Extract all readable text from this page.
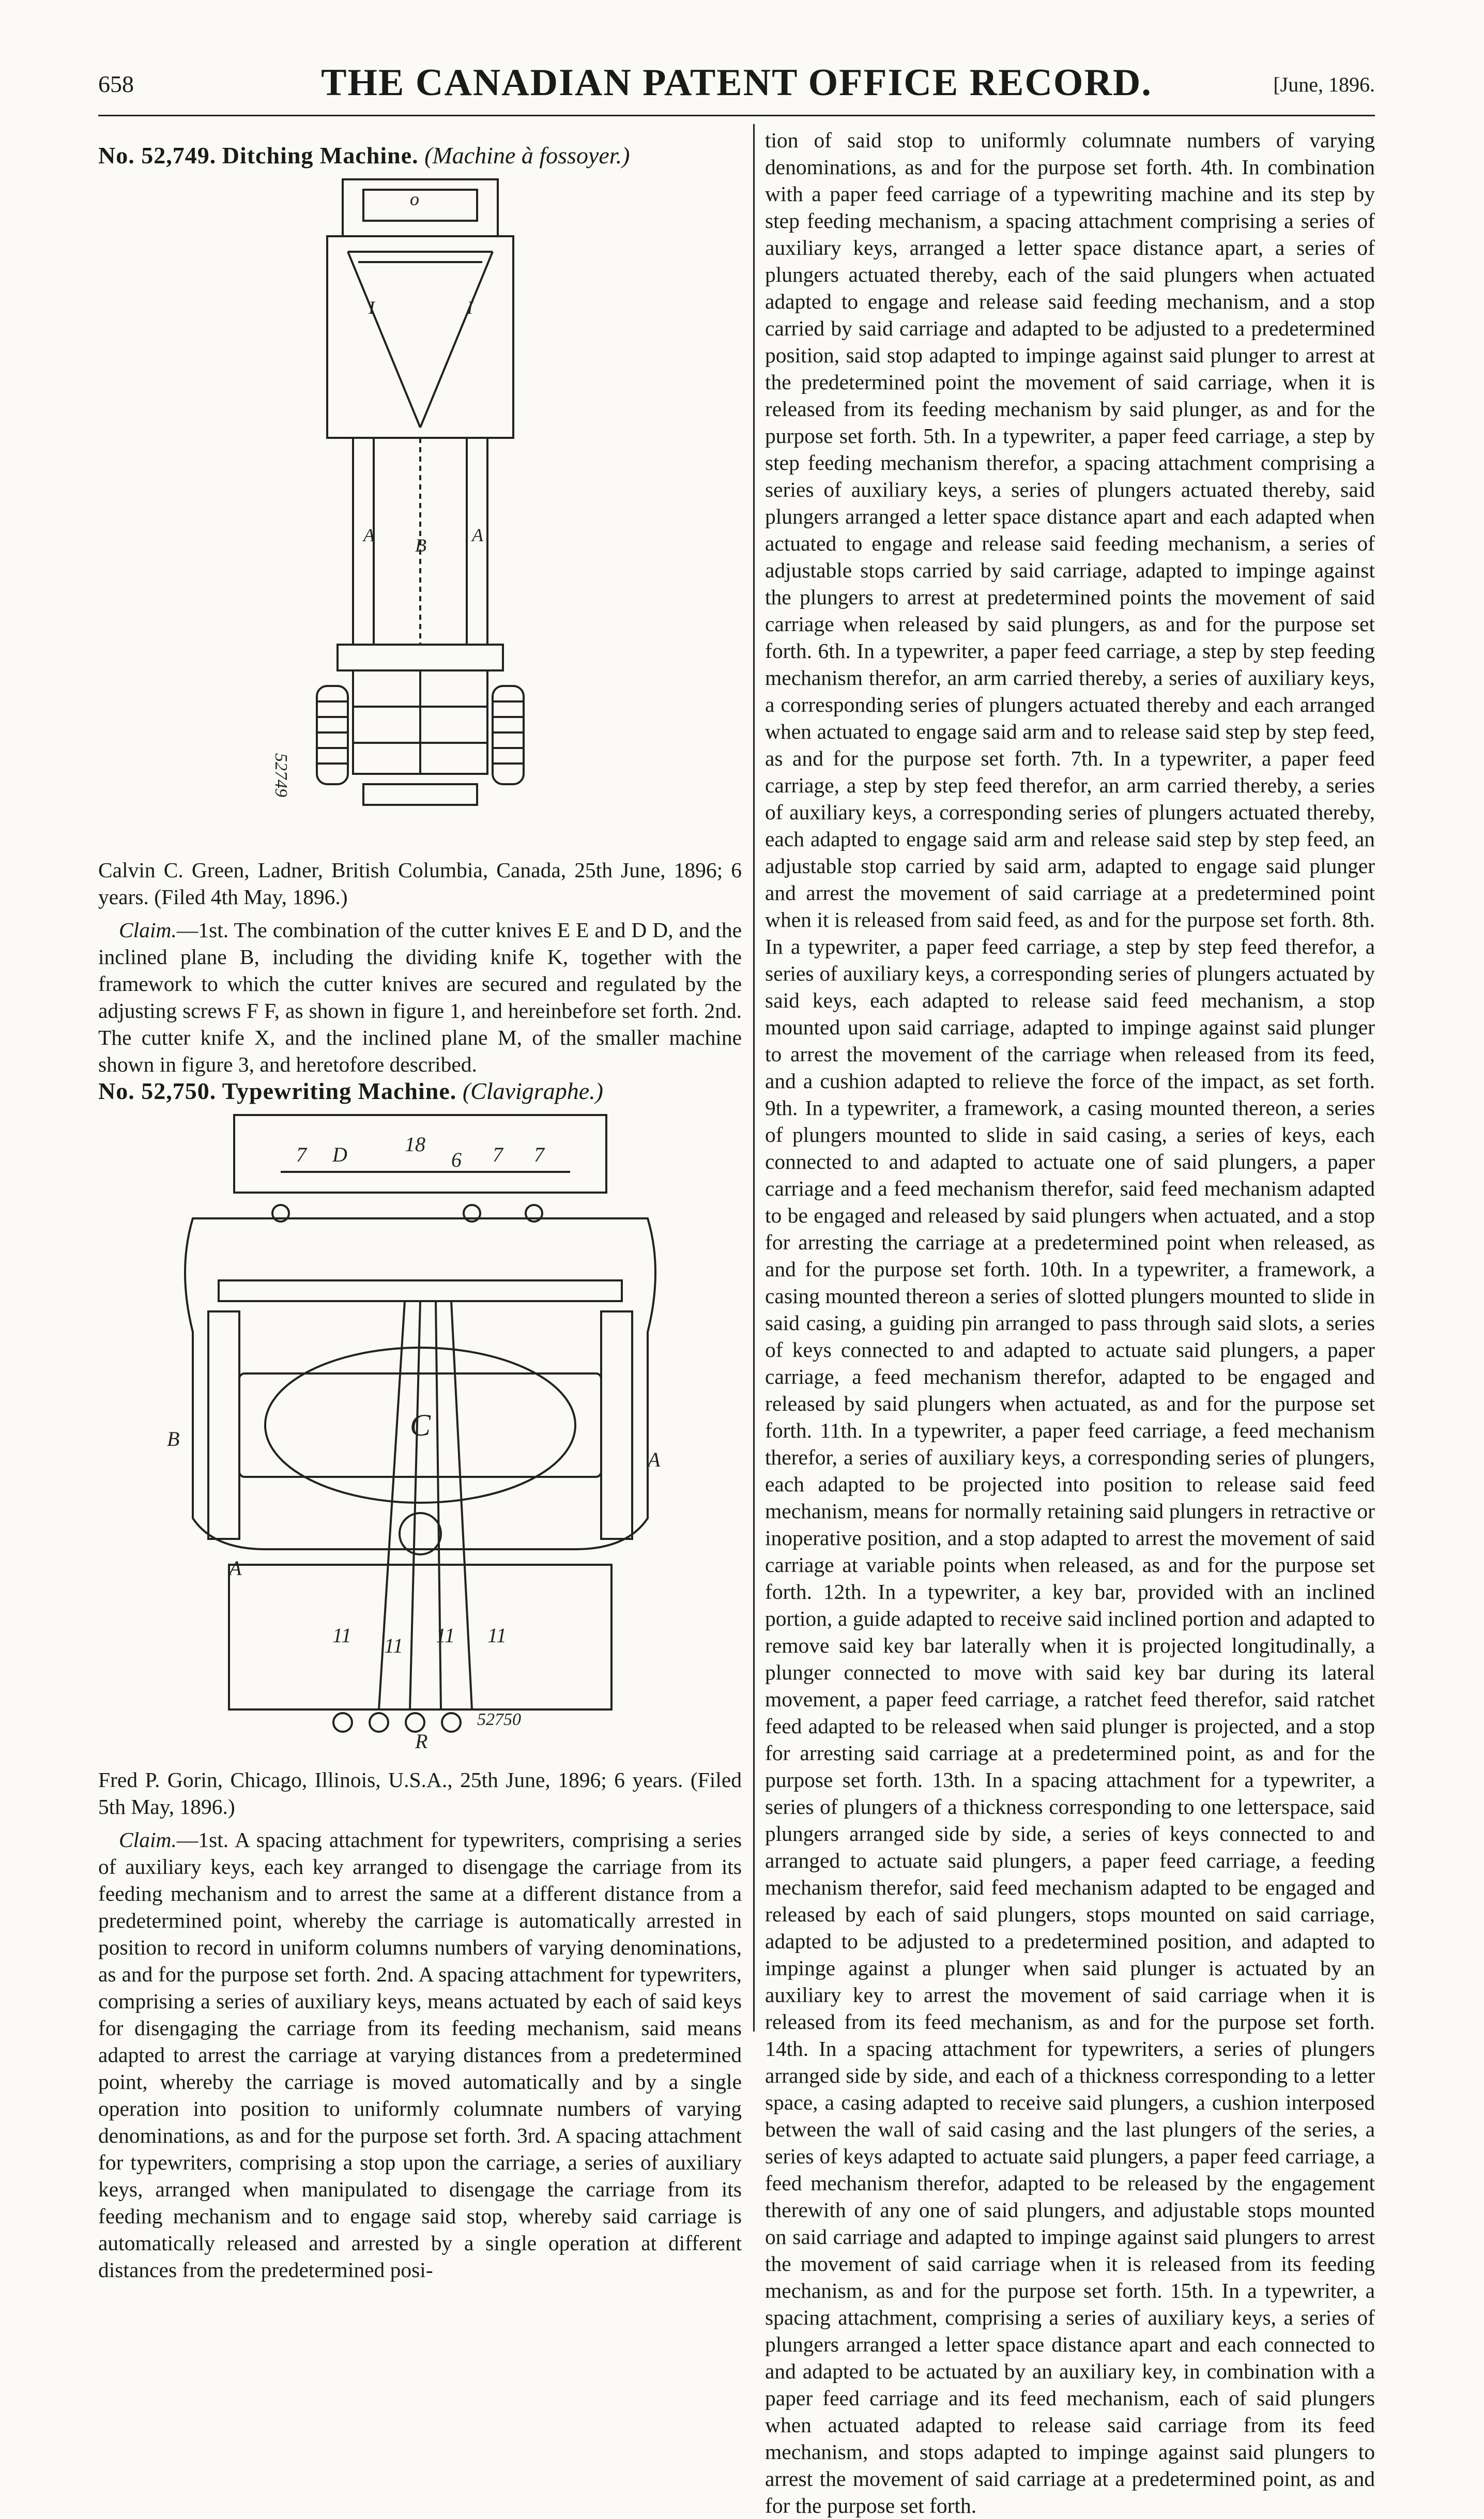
658	THE CANADIAN PATENT OFFICE RECORD.	[June, 1896.

No. 52,749. Ditching Machine. (Machine à fossoyer.)

o
I	I
B
A	A
52749

Calvin C. Green, Ladner, British Columbia, Canada, 25th June, 1896; 6 years. (Filed 4th May, 1896.)

Claim.—1st. The combination of the cutter knives E E and D D, and the inclined plane B, including the dividing knife K, together with the framework to which the cutter knives are secured and regulated by the adjusting screws F F, as shown in figure 1, and hereinbefore set forth. 2nd. The cutter knife X, and the inclined plane M, of the smaller machine shown in figure 3, and heretofore described.

No. 52,750. Typewriting Machine. (Clavigraphe.)

7 D	18
6 7 7
C
B
A
A
11 11 11 11
R
52750

Fred P. Gorin, Chicago, Illinois, U.S.A., 25th June, 1896; 6 years. (Filed 5th May, 1896.)

Claim.—1st. A spacing attachment for typewriters, comprising a series of auxiliary keys, each key arranged to disengage the carriage from its feeding mechanism and to arrest the same at a different distance from a predetermined point, whereby the carriage is automatically arrested in position to record in uniform columns numbers of varying denominations, as and for the purpose set forth. 2nd. A spacing attachment for typewriters, comprising a series of auxiliary keys, means actuated by each of said keys for disengaging the carriage from its feeding mechanism, said means adapted to arrest the carriage at varying distances from a predetermined point, whereby the carriage is moved automatically and by a single operation into position to uniformly columnate numbers of varying denominations, as and for the purpose set forth. 3rd. A spacing attachment for typewriters, comprising a stop upon the carriage, a series of auxiliary keys, arranged when manipulated to disengage the carriage from its feeding mechanism and to engage said stop, whereby said carriage is automatically released and arrested by a single operation at different distances from the predetermined posi-

tion of said stop to uniformly columnate numbers of varying denominations, as and for the purpose set forth. 4th. In combination with a paper feed carriage of a typewriting machine and its step by step feeding mechanism, a spacing attachment comprising a series of auxiliary keys, arranged a letter space distance apart, a series of plungers actuated thereby, each of the said plungers when actuated adapted to engage and release said feeding mechanism, and a stop carried by said carriage and adapted to be adjusted to a predetermined position, said stop adapted to impinge against said plunger to arrest at the predetermined point the movement of said carriage, when it is released from its feeding mechanism by said plunger, as and for the purpose set forth. 5th. In a typewriter, a paper feed carriage, a step by step feeding mechanism therefor, a spacing attachment comprising a series of auxiliary keys, a series of plungers actuated thereby, said plungers arranged a letter space distance apart and each adapted when actuated to engage and release said feeding mechanism, a series of adjustable stops carried by said carriage, adapted to impinge against the plungers to arrest at predetermined points the movement of said carriage when released by said plungers, as and for the purpose set forth. 6th. In a typewriter, a paper feed carriage, a step by step feeding mechanism therefor, an arm carried thereby, a series of auxiliary keys, a corresponding series of plungers actuated thereby and each arranged when actuated to engage said arm and to release said step by step feed, as and for the purpose set forth. 7th. In a typewriter, a paper feed carriage, a step by step feed therefor, an arm carried thereby, a series of auxiliary keys, a corresponding series of plungers actuated thereby, each adapted to engage said arm and release said step by step feed, an adjustable stop carried by said arm, adapted to engage said plunger and arrest the movement of said carriage at a predetermined point when it is released from said feed, as and for the purpose set forth. 8th. In a typewriter, a paper feed carriage, a step by step feed therefor, a series of auxiliary keys, a corresponding series of plungers actuated by said keys, each adapted to release said feed mechanism, a stop mounted upon said carriage, adapted to impinge against said plunger to arrest the movement of the carriage when released from its feed, and a cushion adapted to relieve the force of the impact, as set forth. 9th. In a typewriter, a framework, a casing mounted thereon, a series of plungers mounted to slide in said casing, a series of keys, each connected to and adapted to actuate one of said plungers, a paper carriage and a feed mechanism therefor, said feed mechanism adapted to be engaged and released by said plungers when actuated, and a stop for arresting the carriage at a predetermined point when released, as and for the purpose set forth. 10th. In a typewriter, a framework, a casing mounted thereon a series of slotted plungers mounted to slide in said casing, a guiding pin arranged to pass through said slots, a series of keys connected to and adapted to actuate said plungers, a paper carriage, a feed mechanism therefor, adapted to be engaged and released by said plungers when actuated, as and for the purpose set forth. 11th. In a typewriter, a paper feed carriage, a feed mechanism therefor, a series of auxiliary keys, a corresponding series of plungers, each adapted to be projected into position to release said feed mechanism, means for normally retaining said plungers in retractive or inoperative position, and a stop adapted to arrest the movement of said carriage at variable points when released, as and for the purpose set forth. 12th. In a typewriter, a key bar, provided with an inclined portion, a guide adapted to receive said inclined portion and adapted to remove said key bar laterally when it is projected longitudinally, a plunger connected to move with said key bar during its lateral movement, a paper feed carriage, a ratchet feed therefor, said ratchet feed adapted to be released when said plunger is projected, and a stop for arresting said carriage at a predetermined point, as and for the purpose set forth. 13th. In a spacing attachment for a typewriter, a series of plungers of a thickness corresponding to one letterspace, said plungers arranged side by side, a series of keys connected to and arranged to actuate said plungers, a paper feed carriage, a feeding mechanism therefor, said feed mechanism adapted to be engaged and released by each of said plungers, stops mounted on said carriage, adapted to be adjusted to a predetermined position, and adapted to impinge against a plunger when said plunger is actuated by an auxiliary key to arrest the movement of said carriage when it is released from its feed mechanism, as and for the purpose set forth. 14th. In a spacing attachment for typewriters, a series of plungers arranged side by side, and each of a thickness corresponding to a letter space, a casing adapted to receive said plungers, a cushion interposed between the wall of said casing and the last plungers of the series, a series of keys adapted to actuate said plungers, a paper feed carriage, a feed mechanism therefor, adapted to be released by the engagement therewith of any one of said plungers, and adjustable stops mounted on said carriage and adapted to impinge against said plungers to arrest the movement of said carriage when it is released from its feeding mechanism, as and for the purpose set forth. 15th. In a typewriter, a spacing attachment, comprising a series of auxiliary keys, a series of plungers arranged a letter space distance apart and each connected to and adapted to be actuated by an auxiliary key, in combination with a paper feed carriage and its feed mechanism, each of said plungers when actuated adapted to release said carriage from its feed mechanism, and stops adapted to impinge against said plungers to arrest the movement of said carriage at a predetermined point, as and for the purpose set forth.
